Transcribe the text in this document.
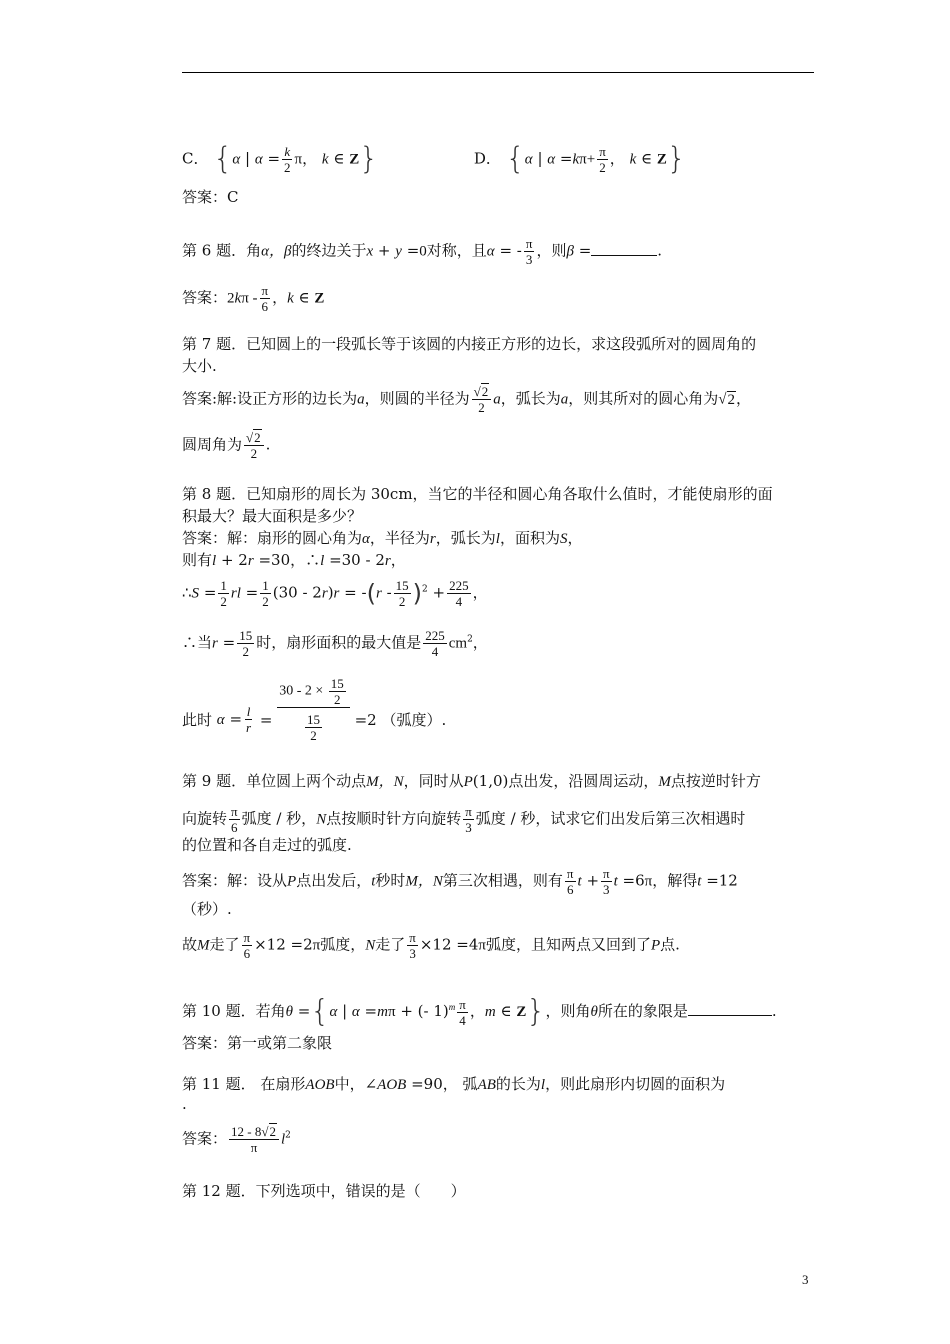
C． {α | $\alpha = \frac{k}{2}$ π， k ∈ Z}	D． {α | $\alpha =k\pi+ \frac{\pi}{2}$ ， k ∈ Z}
答案：C
第 6 题．角α，β的终边关于x + y =0对称，且α = - $\frac{\pi}{3}$ ，则β =	.
答案：$2k\pi - \frac{\pi}{6}$ ，k ∈ Z
第 7 题．已知圆上的一段弧长等于该圆的内接正方形的边长，求这段弧所对的圆周角的
大小.
答案:解:设正方形的边长为a，则圆的半径为 $\frac{√2}{2}$ a，弧长为a，则其所对的圆心角为√2，
圆周角为 $\frac{√2}{2}$ .
第 8 题．已知扇形的周长为 30cm，当它的半径和圆心角各取什么值时，才能使扇形的面
积最大？最大面积是多少？
答案：解：扇形的圆心角为α，半径为r，弧长为l，面积为S，
则有l + 2r =30，∴l =30 - 2r，
∴S = $\frac{1}{2}$ rl = $\frac{1}{2} (30 - 2r)r = -(r - \frac{15}{2} )^2 + \frac{225}{4}$ ，
∴当$r = \frac{15}{2}$ 时，扇形面积的最大值是 $\frac{225}{4} cm^2$，
此时 $\alpha = \frac{l}{r} = \frac{30 - 2 \times \frac{15}{2}}{\frac{15}{2}} =2$ （弧度）.
第 9 题．单位圆上两个动点M，N，同时从P(1,0)点出发，沿圆周运动，M点按逆时针方
向旋转 $\frac{\pi}{6}$ 弧度 / 秒，N点按顺时针方向旋转 $\frac{\pi}{3}$ 弧度 / 秒，试求它们出发后第三次相遇时
的位置和各自走过的弧度.
答案：解：设从P点出发后，t秒时M，N第三次相遇，则有 $\frac{\pi}{6}$ $t + \frac{\pi}{3}$ t =6π，解得t =12
（秒）.
故M走了 $\frac{\pi}{6} \times 12 =2\pi$弧度，N走了 $\frac{\pi}{3} \times 12 =4\pi$弧度，且知两点又回到了P点.
第 10 题．若角θ ={α | α =mπ + (- $1)^m \frac{\pi}{4}$ ，m ∈ Z}，则角θ所在的象限是	.
答案：第一或第二象限
第 11 题． 在扇形AOB中，∠AOB =90， 弧AB的长为l，则此扇形内切圆的面积为
.
答案： $\frac{12 - 8√2}{\pi} l^2$
第 12 题．下列选项中，错误的是（　　）
3
